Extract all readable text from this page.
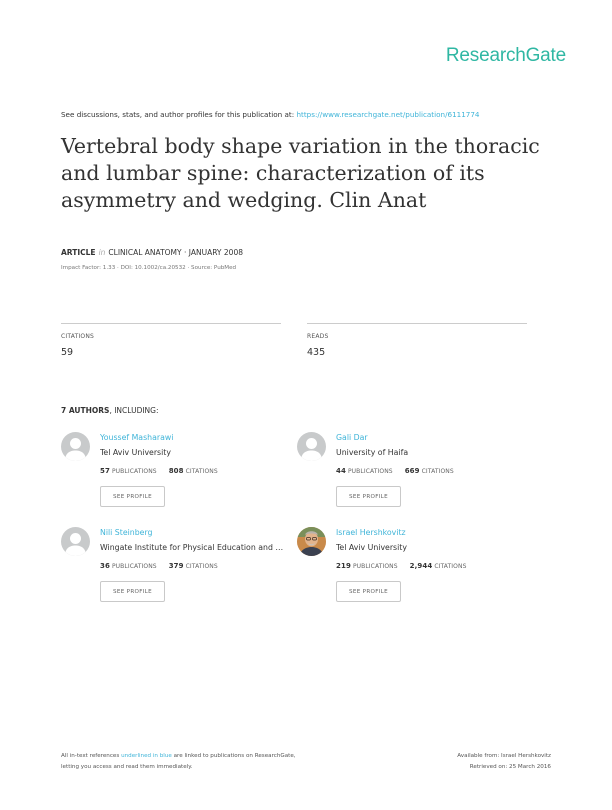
ResearchGate
See discussions, stats, and author profiles for this publication at: https://www.researchgate.net/publication/6111774
Vertebral body shape variation in the thoracic and lumbar spine: characterization of its asymmetry and wedging. Clin Anat
ARTICLE in CLINICAL ANATOMY · JANUARY 2008
Impact Factor: 1.33 · DOI: 10.1002/ca.20532 · Source: PubMed
CITATIONS
59
READS
435
7 AUTHORS, INCLUDING:
Youssef Masharawi
Tel Aviv University
57 PUBLICATIONS 808 CITATIONS
SEE PROFILE
Gali Dar
University of Haifa
44 PUBLICATIONS 669 CITATIONS
SEE PROFILE
Nili Steinberg
Wingate Institute for Physical Education and …
36 PUBLICATIONS 379 CITATIONS
SEE PROFILE
Israel Hershkovitz
Tel Aviv University
219 PUBLICATIONS 2,944 CITATIONS
SEE PROFILE
All in-text references underlined in blue are linked to publications on ResearchGate,
letting you access and read them immediately.
Available from: Israel Hershkovitz
Retrieved on: 25 March 2016
